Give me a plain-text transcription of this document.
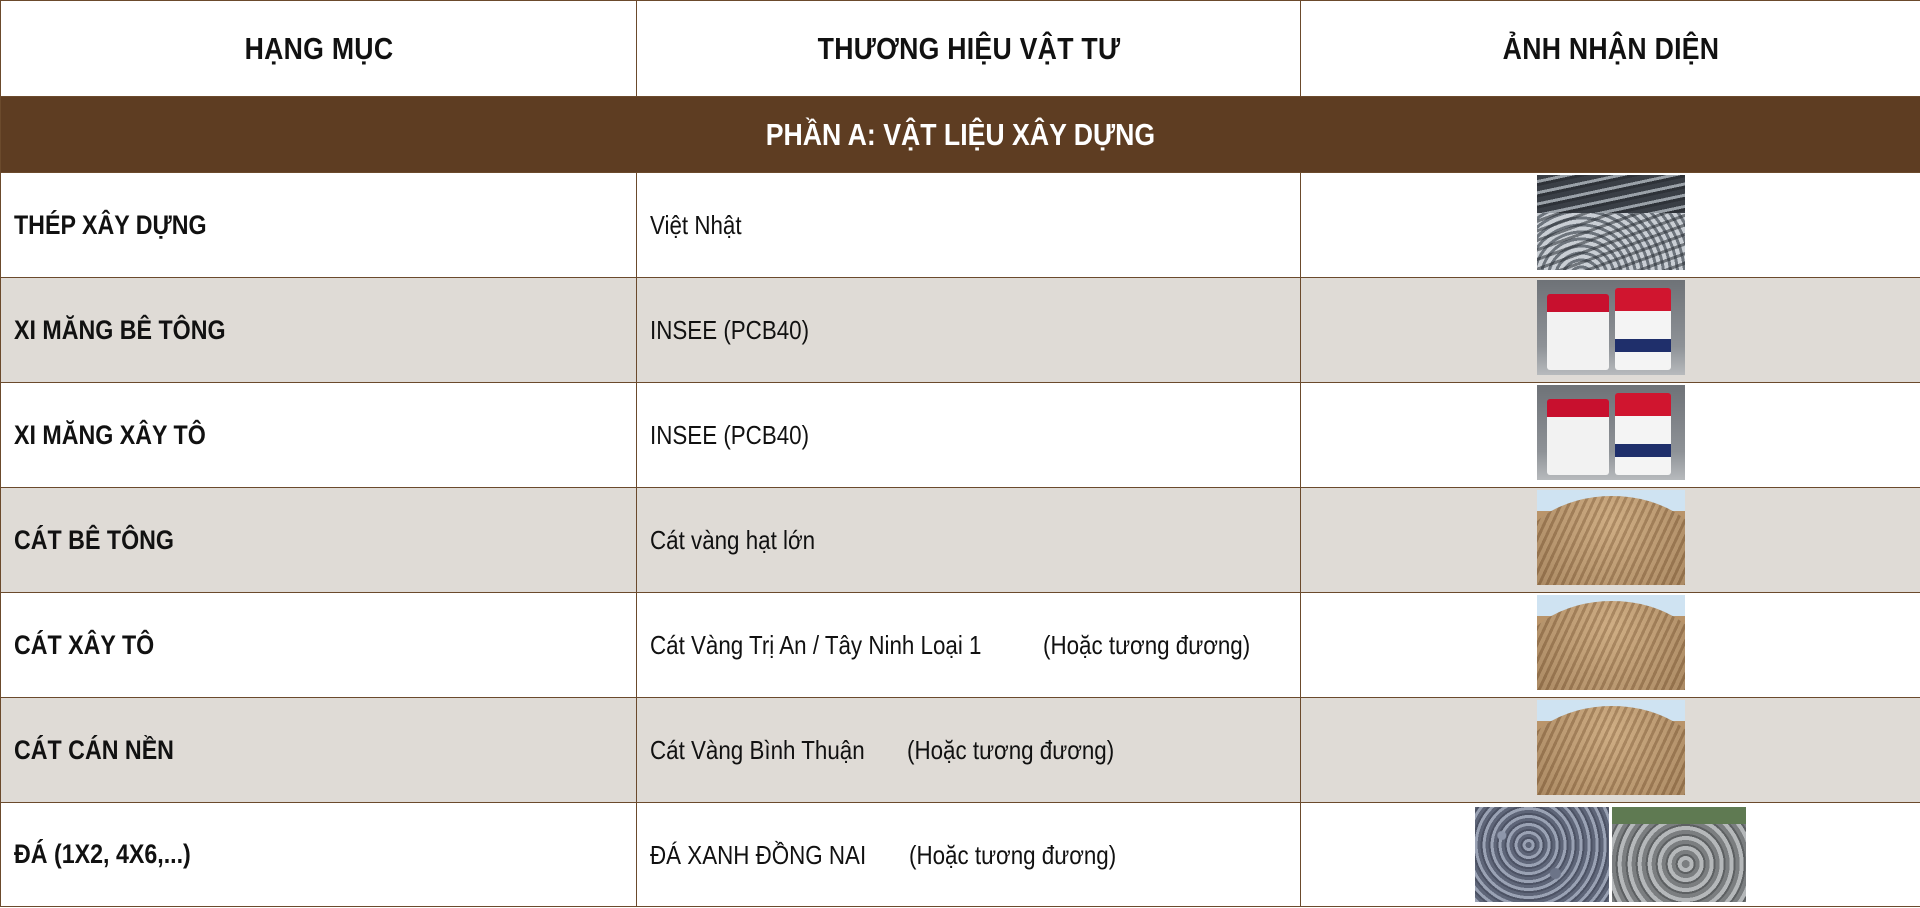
HẠNG MỤC	THƯƠNG HIỆU VẬT TƯ	ẢNH NHẬN DIỆN
PHẦN A: VẬT LIỆU XÂY DỰNG		
THÉP XÂY DỰNG	Việt Nhật	
XI MĂNG BÊ TÔNG	INSEE (PCB40)	

XI MĂNG XÂY TÔ	INSEE (PCB40)	

CÁT BÊ TÔNG	Cát vàng hạt lớn	
CÁT XÂY TÔ	Cát Vàng Trị An / Tây Ninh Loại 1 (Hoặc tương đương)	
CÁT CÁN NỀN	Cát Vàng Bình Thuận (Hoặc tương đương)	
ĐÁ (1X2, 4X6,...)	ĐÁ XANH ĐỒNG NAI (Hoặc tương đương)	
